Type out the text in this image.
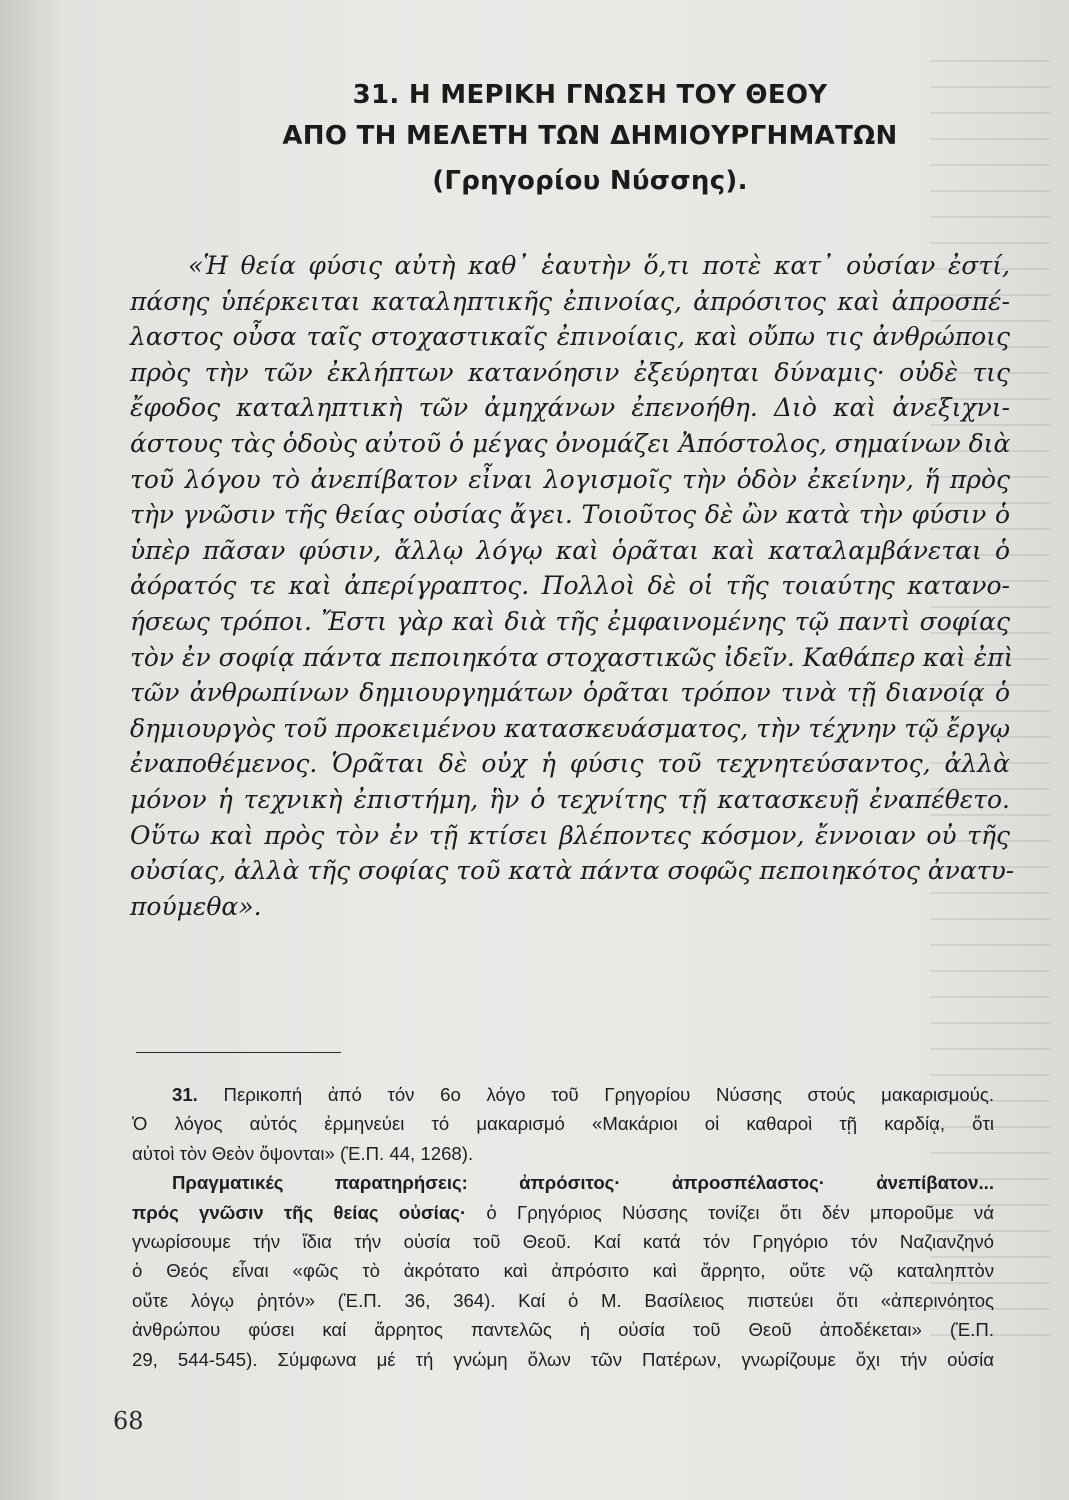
31. Η ΜΕΡΙΚΗ ΓΝΩΣΗ ΤΟΥ ΘΕΟΥ
ΑΠΟ ΤΗ ΜΕΛΕΤΗ ΤΩΝ ΔΗΜΙΟΥΡΓΗΜΑΤΩΝ
(Γρηγορίου Νύσσης).
«Ἡ θεία φύσις αὐτὴ καθ᾽ ἑαυτὴν ὅ,τι ποτὲ κατ᾽ οὐσίαν ἐστί,
πάσης ὑπέρκειται καταληπτικῆς ἐπινοίας, ἀπρόσιτος καὶ ἀπροσπέ-
λαστος οὖσα ταῖς στοχαστικαῖς ἐπινοίαις, καὶ οὔπω τις ἀνθρώποις
πρὸς τὴν τῶν ἐκλήπτων κατανόησιν ἐξεύρηται δύναμις· οὐδὲ τις
ἔφοδος καταληπτικὴ τῶν ἀμηχάνων ἐπενοήθη. Διὸ καὶ ἀνεξιχνι-
άστους τὰς ὁδοὺς αὐτοῦ ὁ μέγας ὀνομάζει Ἀπόστολος, σημαίνων διὰ
τοῦ λόγου τὸ ἀνεπίβατον εἶναι λογισμοῖς τὴν ὁδὸν ἐκείνην, ἥ πρὸς
τὴν γνῶσιν τῆς θείας οὐσίας ἄγει. Τοιοῦτος δὲ ὢν κατὰ τὴν φύσιν ὁ
ὑπὲρ πᾶσαν φύσιν, ἄλλῳ λόγῳ καὶ ὁρᾶται καὶ καταλαμβάνεται ὁ
ἀόρατός τε καὶ ἀπερίγραπτος. Πολλοὶ δὲ οἱ τῆς τοιαύτης κατανο-
ήσεως τρόποι. Ἔστι γὰρ καὶ διὰ τῆς ἐμφαινομένης τῷ παντὶ σοφίας
τὸν ἐν σοφίᾳ πάντα πεποιηκότα στοχαστικῶς ἰδεῖν. Καθάπερ καὶ ἐπὶ
τῶν ἀνθρωπίνων δημιουργημάτων ὁρᾶται τρόπον τινὰ τῇ διανοίᾳ ὁ
δημιουργὸς τοῦ προκειμένου κατασκευάσματος, τὴν τέχνην τῷ ἔργῳ
ἐναποθέμενος. Ὁρᾶται δὲ οὐχ ἡ φύσις τοῦ τεχνητεύσαντος, ἀλλὰ
μόνον ἡ τεχνικὴ ἐπιστήμη, ἣν ὁ τεχνίτης τῇ κατασκευῇ ἐναπέθετο.
Οὕτω καὶ πρὸς τὸν ἐν τῇ κτίσει βλέποντες κόσμον, ἔννοιαν οὐ τῆς
οὐσίας, ἀλλὰ τῆς σοφίας τοῦ κατὰ πάντα σοφῶς πεποιηκότος ἀνατυ-
πούμεθα».
31. Περικοπή ἀπό τόν 6ο λόγο τοῦ Γρηγορίου Νύσσης στούς μακαρισμούς.
Ὁ λόγος αὐτός ἑρμηνεύει τό μακαρισμό «Μακάριοι οἱ καθαροὶ τῇ καρδίᾳ, ὅτι
αὐτοὶ τὸν Θεὸν ὄψονται» (Ἑ.Π. 44, 1268).
Πραγματικές παρατηρήσεις: ἀπρόσιτος· ἀπροσπέλαστος· ἀνεπίβατον...
πρός γνῶσιν τῆς θείας οὐσίας· ὁ Γρηγόριος Νύσσης τονίζει ὅτι δέν μποροῦμε νά
γνωρίσουμε τήν ἴδια τήν οὐσία τοῦ Θεοῦ. Καί κατά τόν Γρηγόριο τόν Ναζιανζηνό
ὁ Θεός εἶναι «φῶς τὸ ἀκρότατο καὶ ἀπρόσιτο καὶ ἄρρητο, οὔτε νῷ καταληπτὸν
οὔτε λόγῳ ῥητόν» (Ἑ.Π. 36, 364). Καί ὁ Μ. Βασίλειος πιστεύει ὅτι «ἀπερινόητος
ἀνθρώπου φύσει καί ἄρρητος παντελῶς ἡ οὐσία τοῦ Θεοῦ ἀποδέκεται» (Ἑ.Π.
29, 544-545). Σύμφωνα μέ τή γνώμη ὅλων τῶν Πατέρων, γνωρίζουμε ὄχι τήν οὐσία
68
